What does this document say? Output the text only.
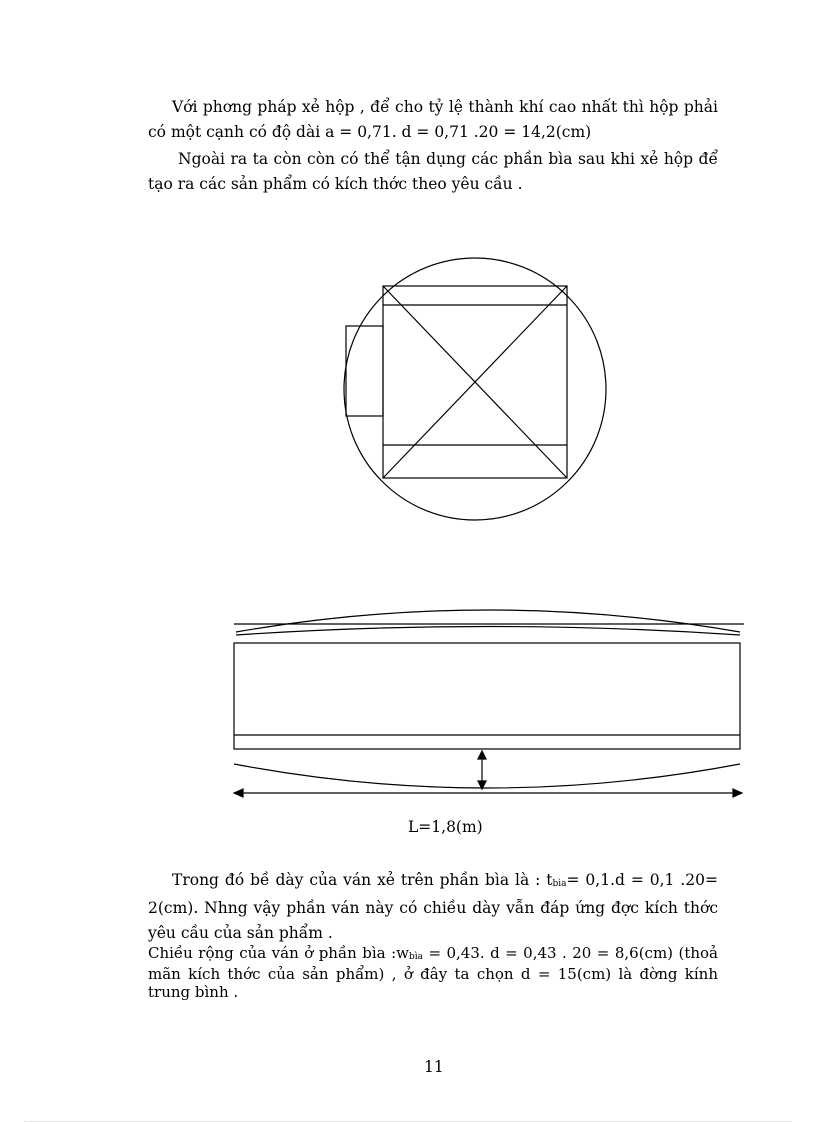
Với phơng pháp xẻ hộp , để cho tỷ lệ thành khí cao nhất thì hộp phải có một cạnh có độ dài a = 0,71. d = 0,71 .20 = 14,2(cm)

Ngoài ra ta còn còn có thể tận dụng các phần bìa sau khi xẻ hộp để tạo ra các sản phẩm có kích thớc theo yêu cầu .

L=1,8(m)

Trong đó bề dày của ván xẻ trên phần bìa là : $t_{bìa}= 0,1.d = 0,1$ .20= 2(cm). Nhng vậy phần ván này có chiều dày vẫn đáp ứng đợc kích thớc yêu cầu của sản phẩm .

Chiều rộng của ván ở phần bìa $:w_{bìa} = 0,43$. d = 0,43 . 20 = 8,6(cm) (thoả mãn kích thớc của sản phẩm) , ở đây ta chọn d = 15(cm) là đờng kính trung bình .

11
